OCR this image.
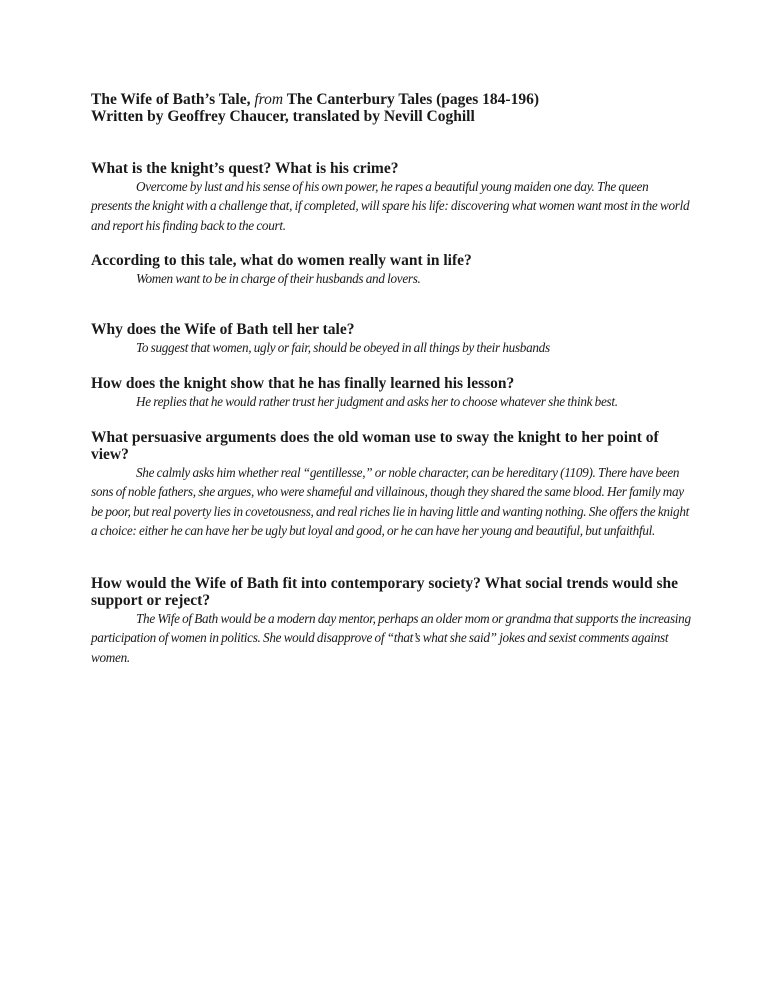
The Wife of Bath’s Tale, from The Canterbury Tales (pages 184-196)
Written by Geoffrey Chaucer, translated by Nevill Coghill
What is the knight’s quest? What is his crime?
Overcome by lust and his sense of his own power, he rapes a beautiful young maiden one day. The queen presents the knight with a challenge that, if completed, will spare his life: discovering what women want most in the world and report his finding back to the court.
According to this tale, what do women really want in life?
Women want to be in charge of their husbands and lovers.
Why does the Wife of Bath tell her tale?
To suggest that women, ugly or fair, should be obeyed in all things by their husbands
How does the knight show that he has finally learned his lesson?
He replies that he would rather trust her judgment and asks her to choose whatever she think best.
What persuasive arguments does the old woman use to sway the knight to her point of view?
She calmly asks him whether real “gentillesse,” or noble character, can be hereditary (1109). There have been sons of noble fathers, she argues, who were shameful and villainous, though they shared the same blood. Her family may be poor, but real poverty lies in covetousness, and real riches lie in having little and wanting nothing. She offers the knight a choice: either he can have her be ugly but loyal and good, or he can have her young and beautiful, but unfaithful.
How would the Wife of Bath fit into contemporary society? What social trends would she support or reject?
The Wife of Bath would be a modern day mentor, perhaps an older mom or grandma that supports the increasing participation of women in politics. She would disapprove of “that’s what she said” jokes and sexist comments against women.
